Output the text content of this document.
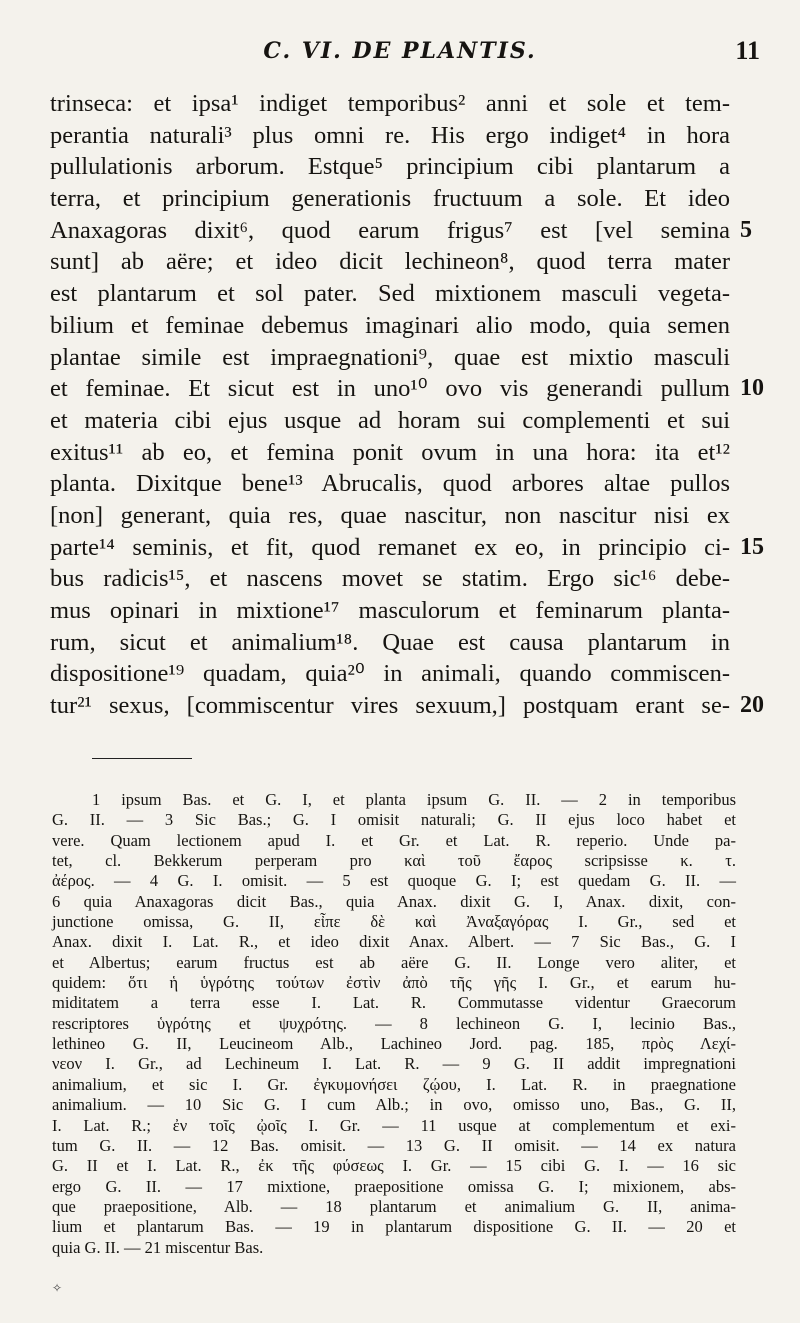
C. VI. DE PLANTIS.	11
trinseca: et ipsa¹ indiget temporibus² anni et sole et tem-
perantia naturali³ plus omni re. His ergo indiget⁴ in hora
pullulationis arborum. Estque⁵ principium cibi plantarum a
terra, et principium generationis fructuum a sole. Et ideo
Anaxagoras dixit⁶, quod earum frigus⁷ est [vel semina 5
sunt] ab aëre; et ideo dicit lechineon⁸, quod terra mater
est plantarum et sol pater. Sed mixtionem masculi vegeta-
bilium et feminae debemus imaginari alio modo, quia semen
plantae simile est impraegnationi⁹, quae est mixtio masculi
et feminae. Et sicut est in uno¹⁰ ovo vis generandi pullum 10
et materia cibi ejus usque ad horam sui complementi et sui
exitus¹¹ ab eo, et femina ponit ovum in una hora: ita et¹²
planta. Dixitque bene¹³ Abrucalis, quod arbores altae pullos
[non] generant, quia res, quae nascitur, non nascitur nisi ex
parte¹⁴ seminis, et fit, quod remanet ex eo, in principio ci- 15
bus radicis¹⁵, et nascens movet se statim. Ergo sic¹⁶ debe-
mus opinari in mixtione¹⁷ masculorum et feminarum planta-
rum, sicut et animalium¹⁸. Quae est causa plantarum in
dispositione¹⁹ quadam, quia²⁰ in animali, quando commiscen-
tur²¹ sexus, [commiscentur vires sexuum,] postquam erant se- 20
1 ipsum Bas. et G. I, et planta ipsum G. II. — 2 in temporibus
G. II. — 3 Sic Bas.; G. I omisit naturali; G. II ejus loco habet et
vere. Quam lectionem apud I. et Gr. et Lat. R. reperio. Unde pa-
tet, cl. Bekkerum perperam pro καὶ τοῦ ἔαρος scripsisse κ. τ.
ἀέρος. — 4 G. I. omisit. — 5 est quoque G. I; est quedam G. II. —
6 quia Anaxagoras dicit Bas., quia Anax. dixit G. I, Anax. dixit, con-
junctione omissa, G. II, εἶπε δὲ καὶ Ἀναξαγόρας I. Gr., sed et
Anax. dixit I. Lat. R., et ideo dixit Anax. Albert. — 7 Sic Bas., G. I
et Albertus; earum fructus est ab aëre G. II. Longe vero aliter, et
quidem: ὅτι ἡ ὑγρότης τούτων ἐστὶν ἀπὸ τῆς γῆς I. Gr., et earum hu-
miditatem a terra esse I. Lat. R. Commutasse videntur Graecorum
rescriptores ὑγρότης et ψυχρότης. — 8 lechineon G. I, lecinio Bas.,
lethineo G. II, Leucineom Alb., Lachineo Jord. pag. 185, πρὸς Λεχί-
νεον I. Gr., ad Lechineum I. Lat. R. — 9 G. II addit impregnationi
animalium, et sic I. Gr. ἐγκυμονήσει ζῴου, I. Lat. R. in praegnatione
animalium. — 10 Sic G. I cum Alb.; in ovo, omisso uno, Bas., G. II,
I. Lat. R.; ἐν τοῖς ᾠοῖς I. Gr. — 11 usque at complementum et exi-
tum G. II. — 12 Bas. omisit. — 13 G. II omisit. — 14 ex natura
G. II et I. Lat. R., ἐκ τῆς φύσεως I. Gr. — 15 cibi G. I. — 16 sic
ergo G. II. — 17 mixtione, praepositione omissa G. I; mixionem, abs-
que praepositione, Alb. — 18 plantarum et animalium G. II, anima-
lium et plantarum Bas. — 19 in plantarum dispositione G. II. — 20 et
quia G. II. — 21 miscentur Bas.
✧
